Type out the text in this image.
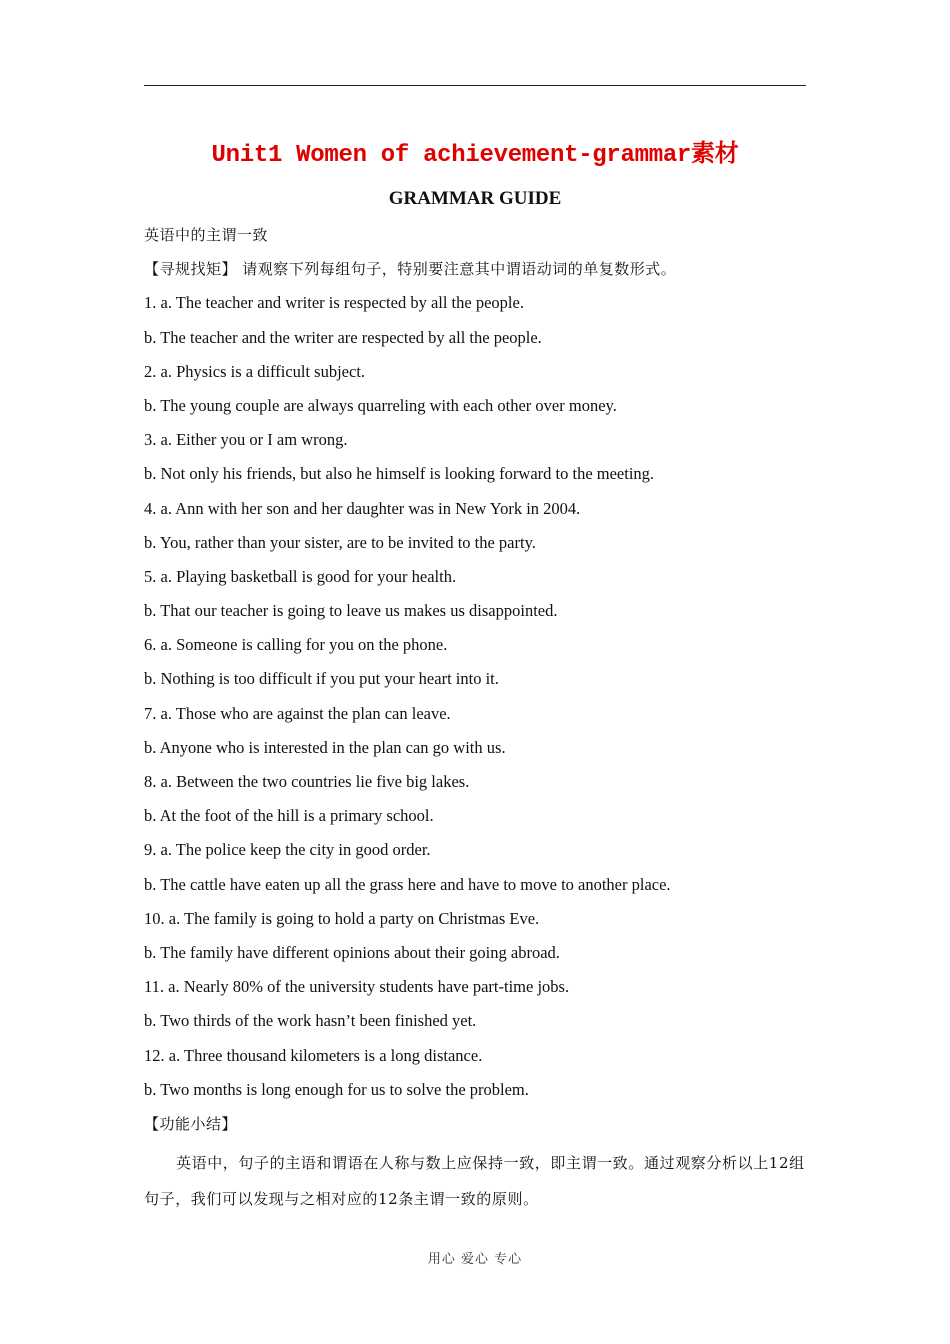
Unit1 Women of achievement-grammar素材
GRAMMAR GUIDE
英语中的主谓一致
【寻规找矩】 请观察下列每组句子，特别要注意其中谓语动词的单复数形式。
1. a. The teacher and writer is respected by all the people.
b. The teacher and the writer are respected by all the people.
2. a. Physics is a difficult subject.
b. The young couple are always quarreling with each other over money.
3. a. Either you or I am wrong.
b. Not only his friends, but also he himself is looking forward to the meeting.
4. a. Ann with her son and her daughter was in New York in 2004.
b. You, rather than your sister, are to be invited to the party.
5. a. Playing basketball is good for your health.
b. That our teacher is going to leave us makes us disappointed.
6. a. Someone is calling for you on the phone.
b. Nothing is too difficult if you put your heart into it.
7. a. Those who are against the plan can leave.
b. Anyone who is interested in the plan can go with us.
8. a. Between the two countries lie five big lakes.
b. At the foot of the hill is a primary school.
9. a. The police keep the city in good order.
b. The cattle have eaten up all the grass here and have to move to another place.
10. a. The family is going to hold a party on Christmas Eve.
b. The family have different opinions about their going abroad.
11. a. Nearly 80% of the university students have part-time jobs.
b. Two thirds of the work hasn’t been finished yet.
12. a. Three thousand kilometers is a long distance.
b. Two months is long enough for us to solve the problem.
【功能小结】
英语中，句子的主语和谓语在人称与数上应保持一致，即主谓一致。通过观察分析以上12组句子，我们可以发现与之相对应的12条主谓一致的原则。
用心 爱心 专心
